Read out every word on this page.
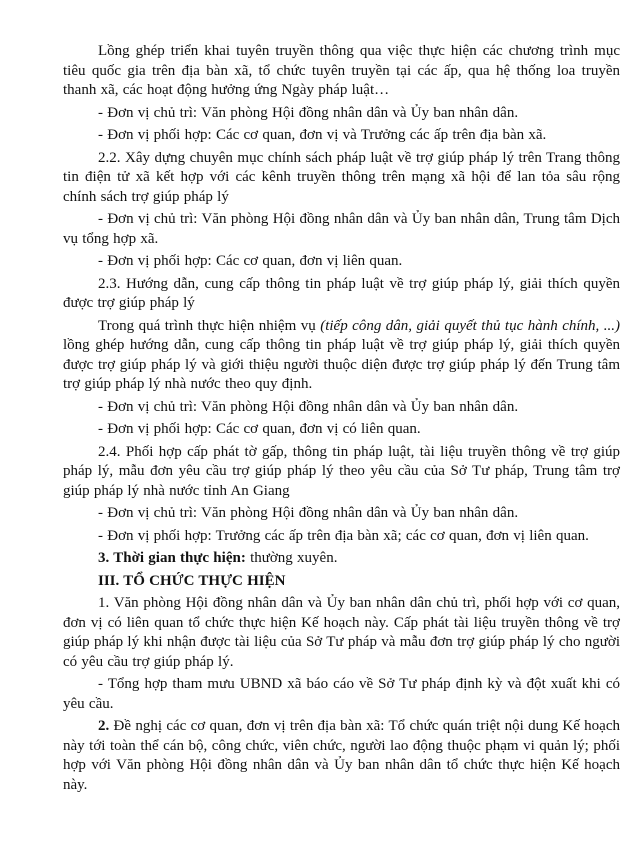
Lồng ghép triển khai tuyên truyền thông qua việc thực hiện các chương trình mục tiêu quốc gia trên địa bàn xã, tổ chức tuyên truyền tại các ấp, qua hệ thống loa truyền thanh xã, các hoạt động hưởng ứng Ngày pháp luật…

- Đơn vị chủ trì: Văn phòng Hội đồng nhân dân và Ủy ban nhân dân.

- Đơn vị phối hợp: Các cơ quan, đơn vị và Trưởng các ấp trên địa bàn xã.

2.2. Xây dựng chuyên mục chính sách pháp luật về trợ giúp pháp lý trên Trang thông tin điện tử xã kết hợp với các kênh truyền thông trên mạng xã hội để lan tỏa sâu rộng chính sách trợ giúp pháp lý

- Đơn vị chủ trì: Văn phòng Hội đồng nhân dân và Ủy ban nhân dân, Trung tâm Dịch vụ tổng hợp xã.

- Đơn vị phối hợp: Các cơ quan, đơn vị liên quan.

2.3. Hướng dẫn, cung cấp thông tin pháp luật về trợ giúp pháp lý, giải thích quyền được trợ giúp pháp lý

Trong quá trình thực hiện nhiệm vụ (tiếp công dân, giải quyết thủ tục hành chính, ...) lồng ghép hướng dẫn, cung cấp thông tin pháp luật về trợ giúp pháp lý, giải thích quyền được trợ giúp pháp lý và giới thiệu người thuộc diện được trợ giúp pháp lý đến Trung tâm trợ giúp pháp lý nhà nước theo quy định.

- Đơn vị chủ trì: Văn phòng Hội đồng nhân dân và Ủy ban nhân dân.

- Đơn vị phối hợp: Các cơ quan, đơn vị có liên quan.

2.4. Phối hợp cấp phát tờ gấp, thông tin pháp luật, tài liệu truyền thông về trợ giúp pháp lý, mẫu đơn yêu cầu trợ giúp pháp lý theo yêu cầu của Sở Tư pháp, Trung tâm trợ giúp pháp lý nhà nước tỉnh An Giang

- Đơn vị chủ trì: Văn phòng Hội đồng nhân dân và Ủy ban nhân dân.

- Đơn vị phối hợp: Trưởng các ấp trên địa bàn xã; các cơ quan, đơn vị liên quan.

3. Thời gian thực hiện: thường xuyên.

III. TỔ CHỨC THỰC HIỆN

1. Văn phòng Hội đồng nhân dân và Ủy ban nhân dân chủ trì, phối hợp với cơ quan, đơn vị có liên quan tổ chức thực hiện Kế hoạch này. Cấp phát tài liệu truyền thông về trợ giúp pháp lý khi nhận được tài liệu của Sở Tư pháp và mẫu đơn trợ giúp pháp lý cho người có yêu cầu trợ giúp pháp lý.

- Tổng hợp tham mưu UBND xã báo cáo về Sở Tư pháp định kỳ và đột xuất khi có yêu cầu.

2. Đề nghị các cơ quan, đơn vị trên địa bàn xã: Tổ chức quán triệt nội dung Kế hoạch này tới toàn thể cán bộ, công chức, viên chức, người lao động thuộc phạm vi quản lý; phối hợp với Văn phòng Hội đồng nhân dân và Ủy ban nhân dân tổ chức thực hiện Kế hoạch này.
